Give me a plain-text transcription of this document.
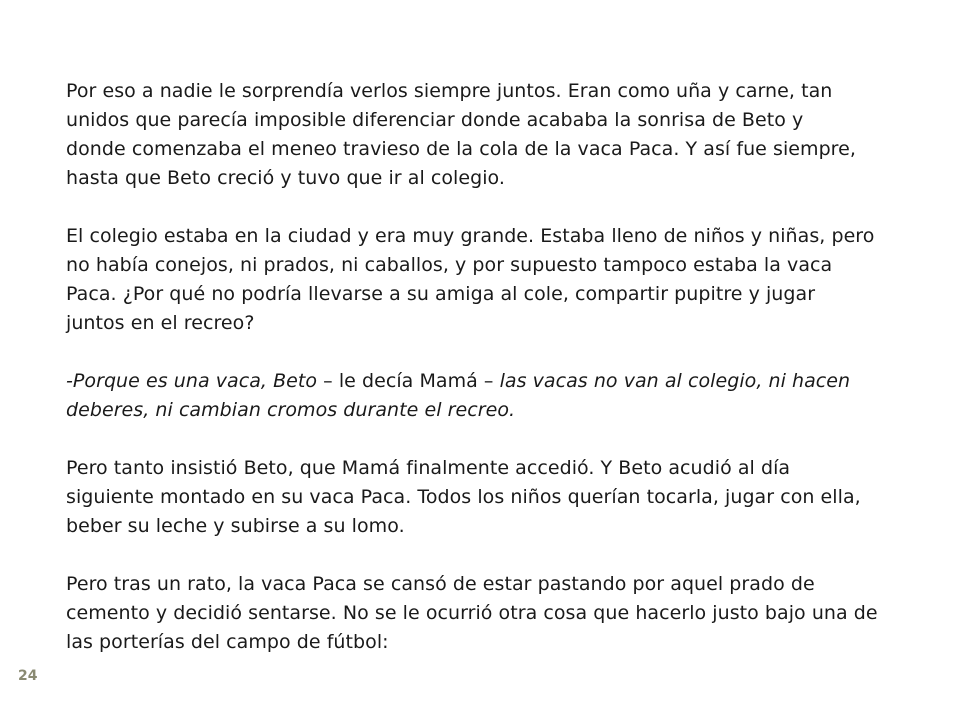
Por eso a nadie le sorprendía verlos siempre juntos. Eran como uña y carne, tan
unidos que parecía imposible diferenciar donde acababa la sonrisa de Beto y
donde comenzaba el meneo travieso de la cola de la vaca Paca. Y así fue siempre,
hasta que Beto creció y tuvo que ir al colegio.

El colegio estaba en la ciudad y era muy grande. Estaba lleno de niños y niñas, pero
no había conejos, ni prados, ni caballos, y por supuesto tampoco estaba la vaca
Paca. ¿Por qué no podría llevarse a su amiga al cole, compartir pupitre y jugar
juntos en el recreo?

-Porque es una vaca, Beto – le decía Mamá – las vacas no van al colegio, ni hacen
deberes, ni cambian cromos durante el recreo.

Pero tanto insistió Beto, que Mamá finalmente accedió. Y Beto acudió al día
siguiente montado en su vaca Paca. Todos los niños querían tocarla, jugar con ella,
beber su leche y subirse a su lomo.

Pero tras un rato, la vaca Paca se cansó de estar pastando por aquel prado de
cemento y decidió sentarse. No se le ocurrió otra cosa que hacerlo justo bajo una de
las porterías del campo de fútbol:

24
